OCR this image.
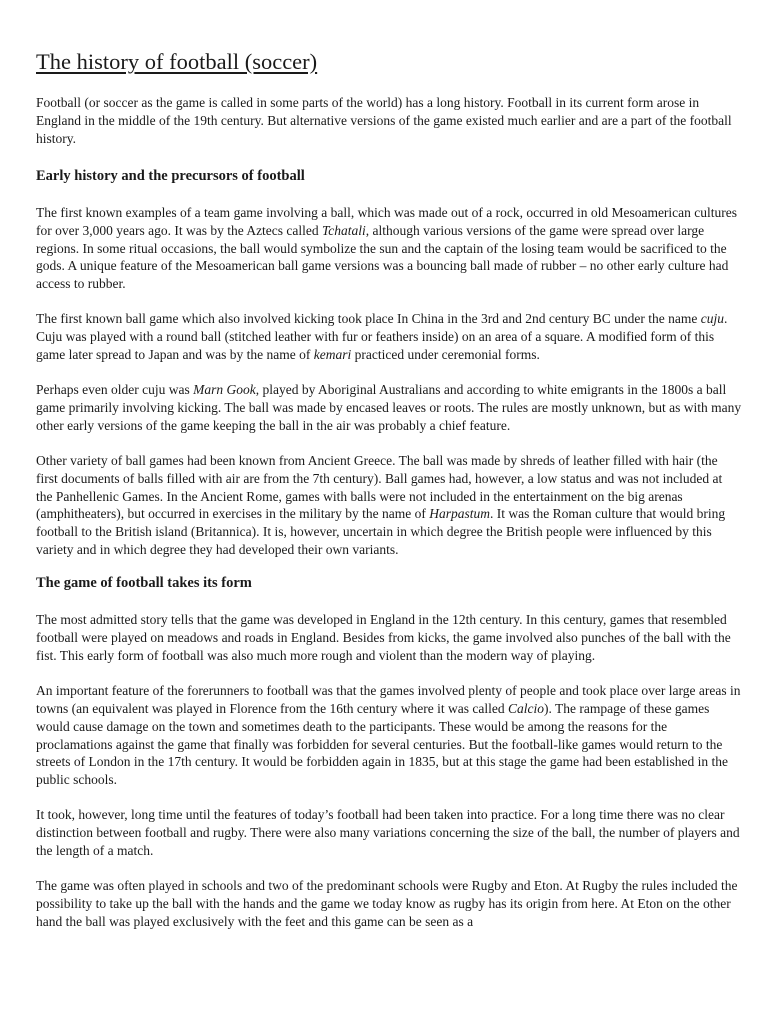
The history of football (soccer)

Football (or soccer as the game is called in some parts of the world) has a long history. Football in its current form arose in England in the middle of the 19th century. But alternative versions of the game existed much earlier and are a part of the football history.

Early history and the precursors of football

The first known examples of a team game involving a ball, which was made out of a rock, occurred in old Mesoamerican cultures for over 3,000 years ago. It was by the Aztecs called Tchatali, although various versions of the game were spread over large regions. In some ritual occasions, the ball would symbolize the sun and the captain of the losing team would be sacrificed to the gods. A unique feature of the Mesoamerican ball game versions was a bouncing ball made of rubber – no other early culture had access to rubber.

The first known ball game which also involved kicking took place In China in the 3rd and 2nd century BC under the name cuju. Cuju was played with a round ball (stitched leather with fur or feathers inside) on an area of a square. A modified form of this game later spread to Japan and was by the name of kemari practiced under ceremonial forms.

Perhaps even older cuju was Marn Gook, played by Aboriginal Australians and according to white emigrants in the 1800s a ball game primarily involving kicking. The ball was made by encased leaves or roots. The rules are mostly unknown, but as with many other early versions of the game keeping the ball in the air was probably a chief feature.

Other variety of ball games had been known from Ancient Greece. The ball was made by shreds of leather filled with hair (the first documents of balls filled with air are from the 7th century). Ball games had, however, a low status and was not included at the Panhellenic Games. In the Ancient Rome, games with balls were not included in the entertainment on the big arenas (amphitheaters), but occurred in exercises in the military by the name of Harpastum. It was the Roman culture that would bring football to the British island (Britannica). It is, however, uncertain in which degree the British people were influenced by this variety and in which degree they had developed their own variants.

The game of football takes its form

The most admitted story tells that the game was developed in England in the 12th century. In this century, games that resembled football were played on meadows and roads in England. Besides from kicks, the game involved also punches of the ball with the fist. This early form of football was also much more rough and violent than the modern way of playing.

An important feature of the forerunners to football was that the games involved plenty of people and took place over large areas in towns (an equivalent was played in Florence from the 16th century where it was called Calcio). The rampage of these games would cause damage on the town and sometimes death to the participants. These would be among the reasons for the proclamations against the game that finally was forbidden for several centuries. But the football-like games would return to the streets of London in the 17th century. It would be forbidden again in 1835, but at this stage the game had been established in the public schools.

It took, however, long time until the features of today’s football had been taken into practice. For a long time there was no clear distinction between football and rugby. There were also many variations concerning the size of the ball, the number of players and the length of a match.

The game was often played in schools and two of the predominant schools were Rugby and Eton. At Rugby the rules included the possibility to take up the ball with the hands and the game we today know as rugby has its origin from here. At Eton on the other hand the ball was played exclusively with the feet and this game can be seen as a
